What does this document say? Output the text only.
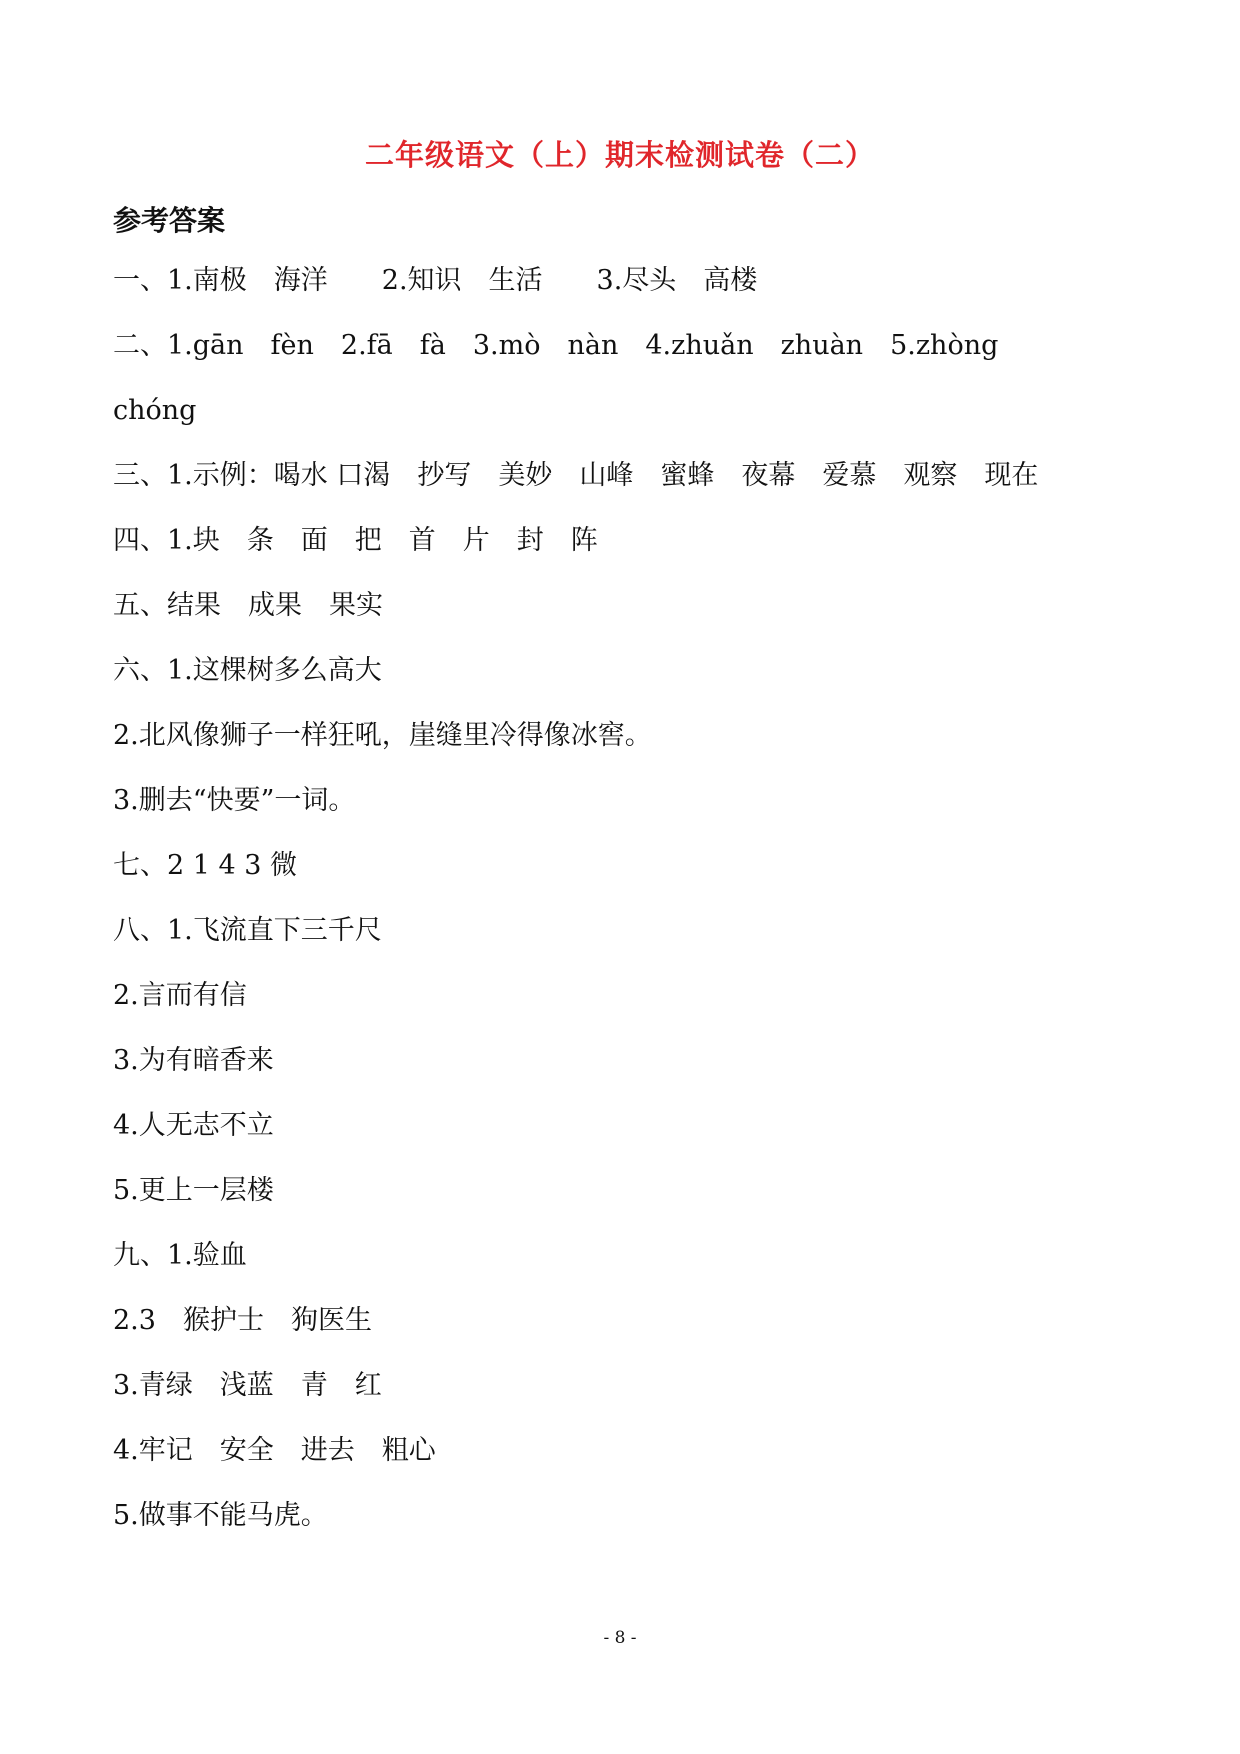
二年级语文（上）期末检测试卷（二）
参考答案
一、1.南极　海洋　　2.知识　生活　　3.尽头　高楼
二、1.gān　fèn　2.fā　fà　3.mò　nàn　4.zhuǎn　zhuàn　5.zhòng
chóng
三、1.示例：喝水 口渴　抄写　美妙　山峰　蜜蜂　夜幕　爱慕　观察　现在
四、1.块　条　面　把　首　片　封　阵
五、结果　成果　果实
六、1.这棵树多么高大
2.北风像狮子一样狂吼，崖缝里冷得像冰窖。
3.删去“快要”一词。
七、2 1 4 3 微
八、1.飞流直下三千尺
2.言而有信
3.为有暗香来
4.人无志不立
5.更上一层楼
九、1.验血
2.3　猴护士　狗医生
3.青绿　浅蓝　青　红
4.牢记　安全　进去　粗心
5.做事不能马虎。
- 8 -
